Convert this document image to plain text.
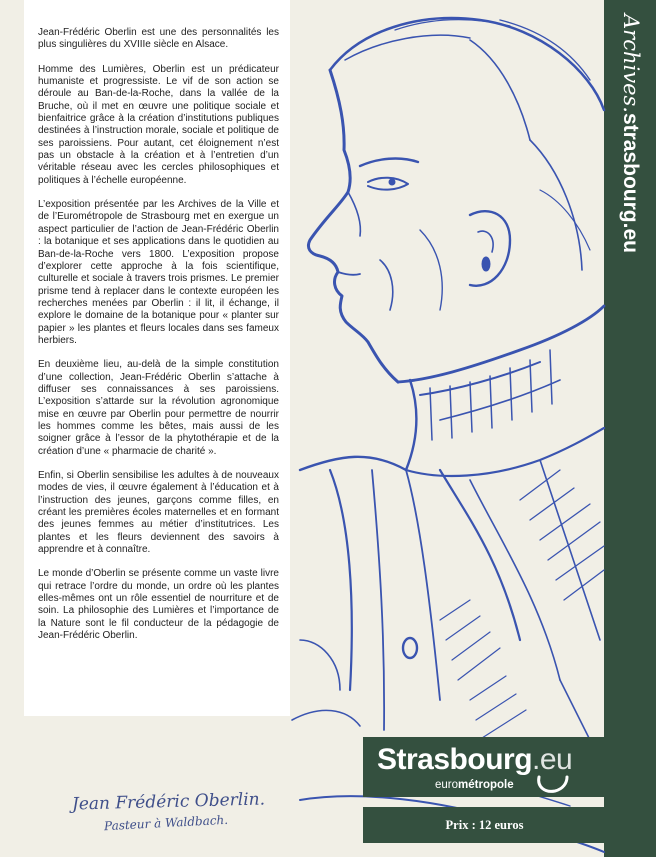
Jean-Frédéric Oberlin est une des personnalités les plus singulières du XVIIIe siècle en Alsace.

Homme des Lumières, Oberlin est un prédicateur humaniste et progressiste. Le vif de son action se déroule au Ban-de-la-Roche, dans la vallée de la Bruche, où il met en œuvre une politique sociale et bienfaitrice grâce à la création d’institutions publiques destinées à l’instruction morale, sociale et politique de ses paroissiens. Pour autant, cet éloignement n’est pas un obstacle à la création et à l’entretien d’un véritable réseau avec les cercles philosophiques et politiques à l’échelle européenne.

L’exposition présentée par les Archives de la Ville et de l’Eurométropole de Strasbourg met en exergue un aspect particulier de l’action de Jean-Frédéric Oberlin : la botanique et ses applications dans le quotidien au Ban-de-la-Roche vers 1800. L’exposition propose d’explorer cette approche à la fois scientifique, culturelle et sociale à travers trois prismes. Le premier prisme tend à replacer dans le contexte européen les recherches menées par Oberlin : il lit, il échange, il explore le domaine de la botanique pour « planter sur papier » les plantes et fleurs locales dans ses fameux herbiers.

En deuxième lieu, au-delà de la simple constitution d’une collection, Jean-Frédéric Oberlin s’attache à diffuser ses connaissances à ses paroissiens. L’exposition s’attarde sur la révolution agronomique mise en œuvre par Oberlin pour permettre de nourrir les hommes comme les bêtes, mais aussi de les soigner grâce à l’essor de la phytothérapie et de la création d’une « pharmacie de charité ».

Enfin, si Oberlin sensibilise les adultes à de nouveaux modes de vies, il œuvre également à l’éducation et à l’instruction des jeunes, garçons comme filles, en créant les premières écoles maternelles et en formant des jeunes femmes au métier d’institutrices. Les plantes et les fleurs deviennent des savoirs à apprendre et à connaître.

Le monde d’Oberlin se présente comme un vaste livre qui retrace l’ordre du monde, un ordre où les plantes elles-mêmes ont un rôle essentiel de nourriture et de soin. La philosophie des Lumières et l’importance de la Nature sont le fil conducteur de la pédagogie de Jean-Frédéric Oberlin.

Archives.strasbourg.eu
Jean Frédéric Oberlin.
Pasteur à Waldbach.
Strasbourg.eu
eurométropole
Prix : 12 euros
